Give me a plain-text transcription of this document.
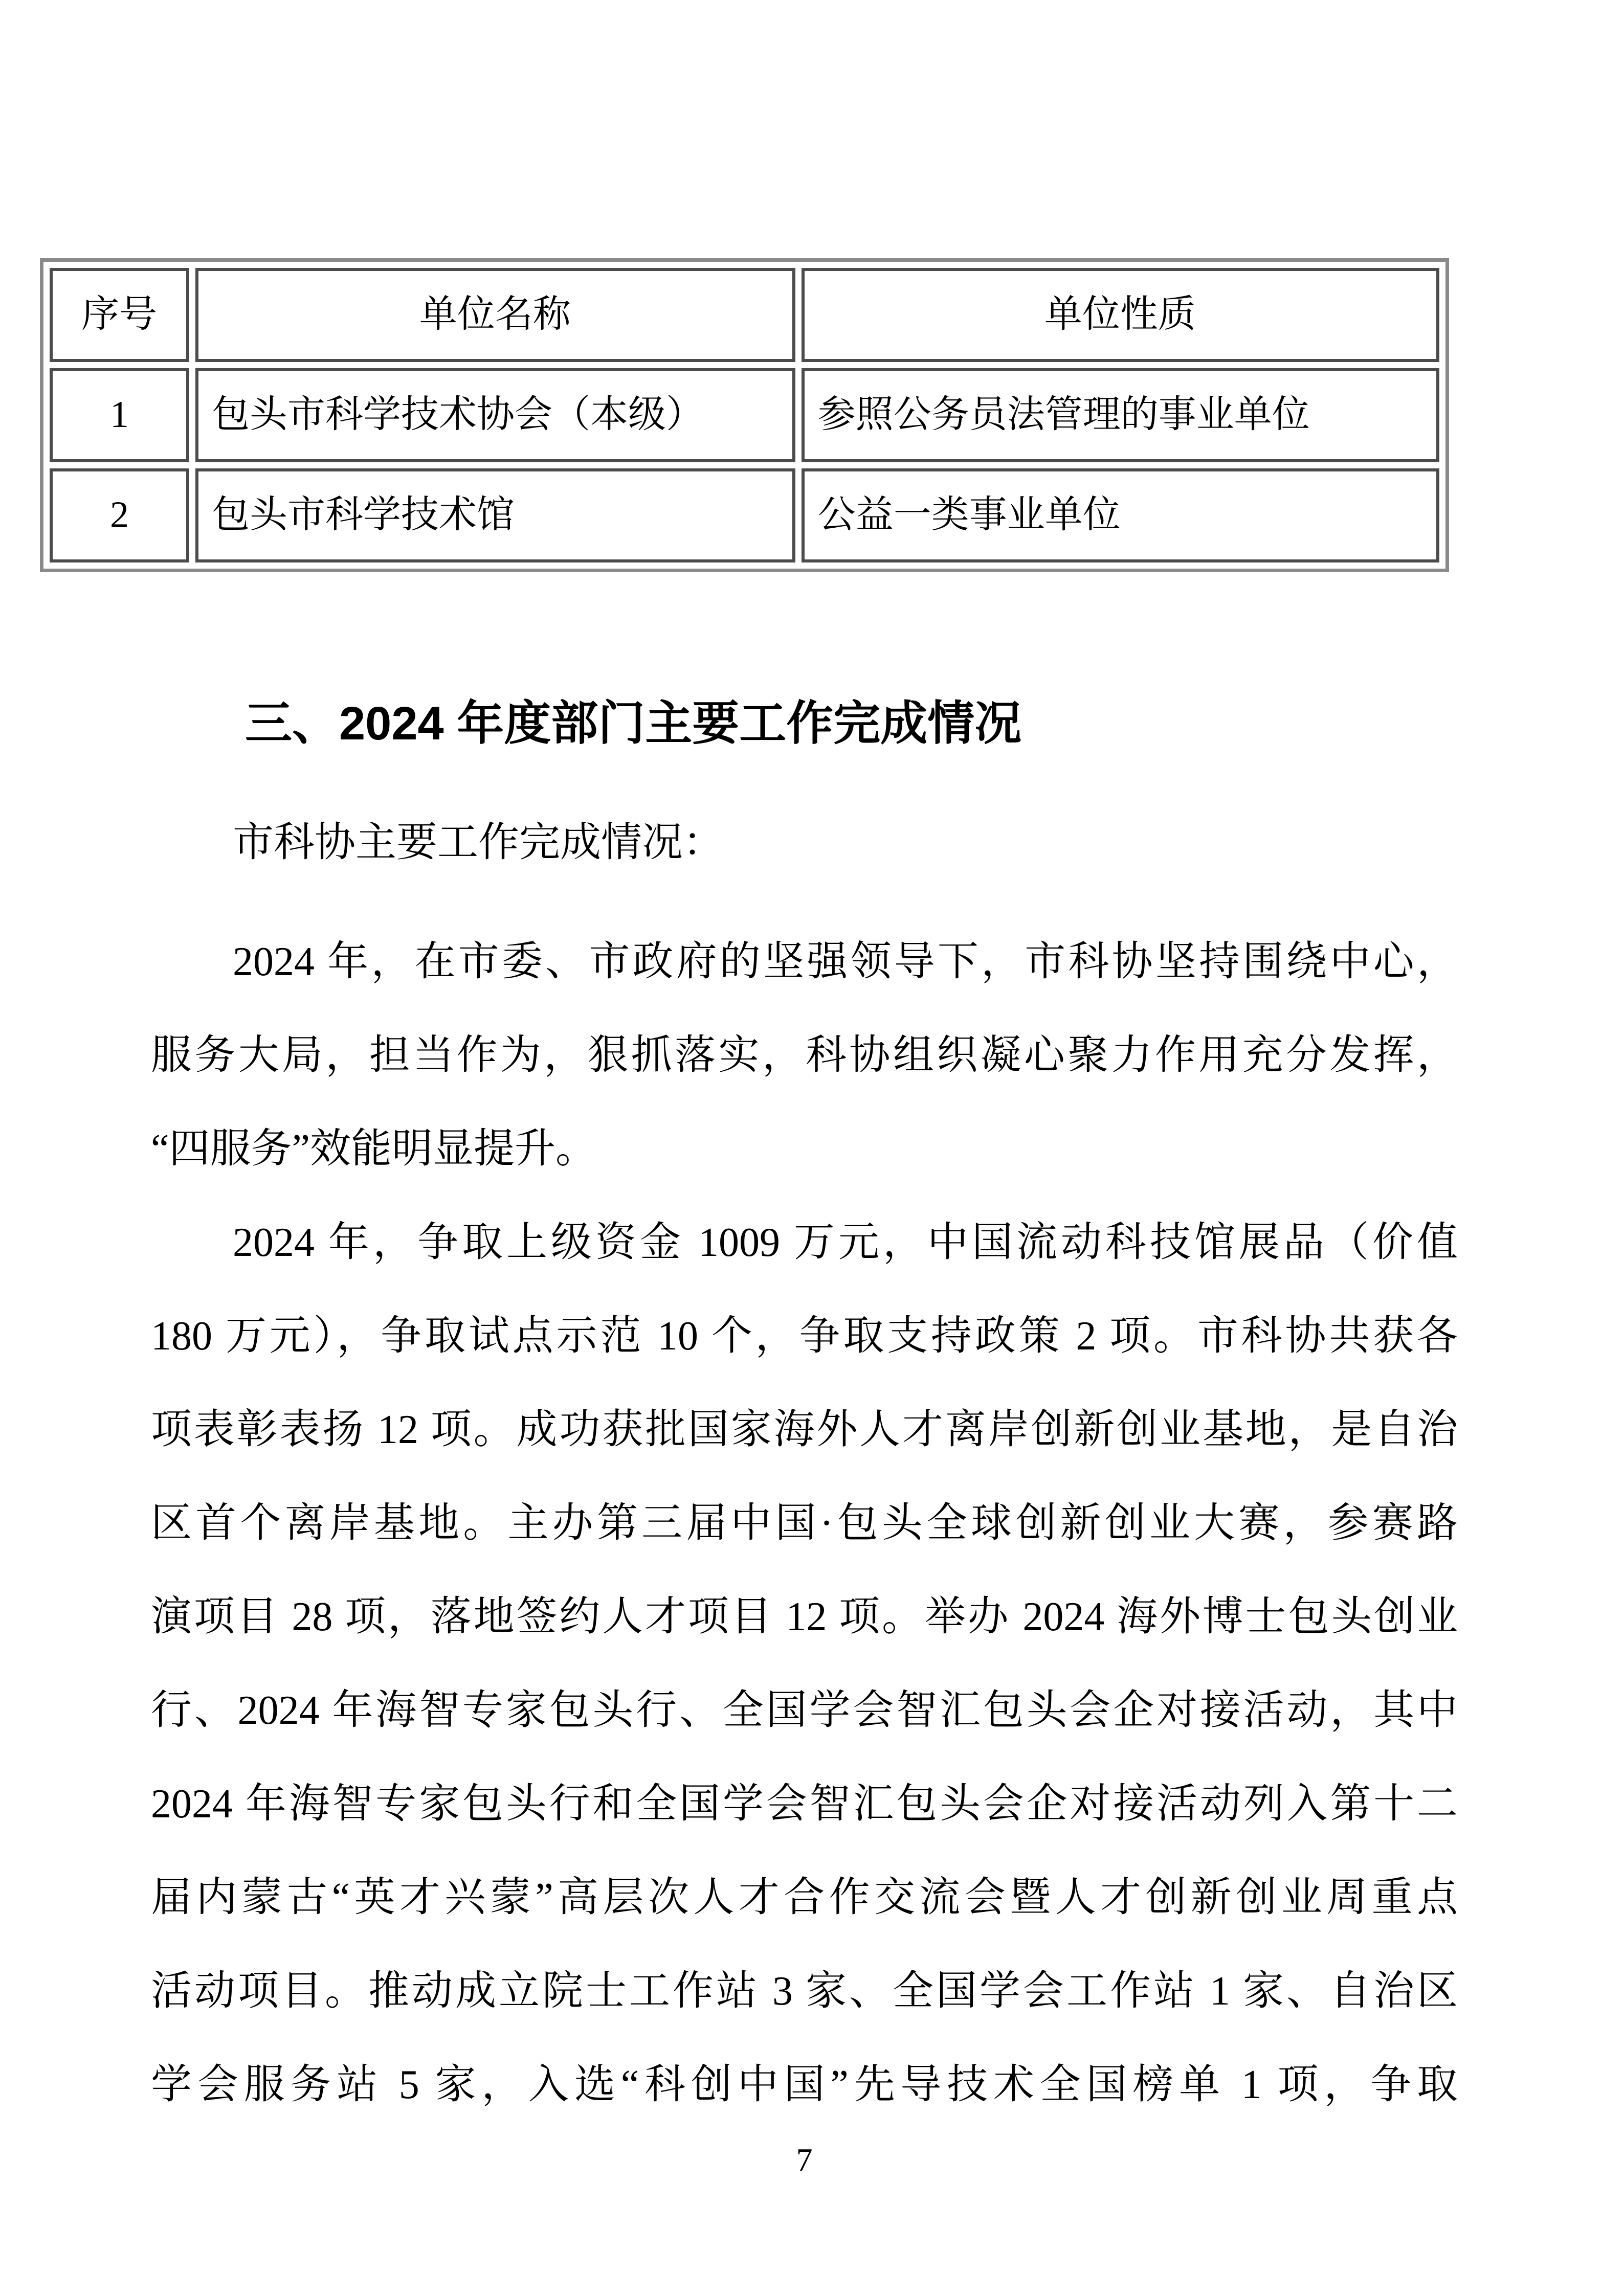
序号	单位名称	单位性质
1	包头市科学技术协会（本级）	参照公务员法管理的事业单位
2	包头市科学技术馆	公益一类事业单位
三、2024 年度部门主要工作完成情况
市科协主要工作完成情况：
2024 年，在市委、市政府的坚强领导下，市科协坚持围绕中心，
服务大局，担当作为，狠抓落实，科协组织凝心聚力作用充分发挥，
“四服务”效能明显提升。
2024 年，争取上级资金 1009 万元，中国流动科技馆展品（价值
180 万元），争取试点示范 10 个，争取支持政策 2 项。市科协共获各
项表彰表扬 12 项。成功获批国家海外人才离岸创新创业基地，是自治
区首个离岸基地。主办第三届中国·包头全球创新创业大赛，参赛路
演项目 28 项，落地签约人才项目 12 项。举办 2024 海外博士包头创业
行、2024 年海智专家包头行、全国学会智汇包头会企对接活动，其中
2024 年海智专家包头行和全国学会智汇包头会企对接活动列入第十二
届内蒙古“英才兴蒙”高层次人才合作交流会暨人才创新创业周重点
活动项目。推动成立院士工作站 3 家、全国学会工作站 1 家、自治区
学会服务站 5 家，入选“科创中国”先导技术全国榜单 1 项，争取
7
